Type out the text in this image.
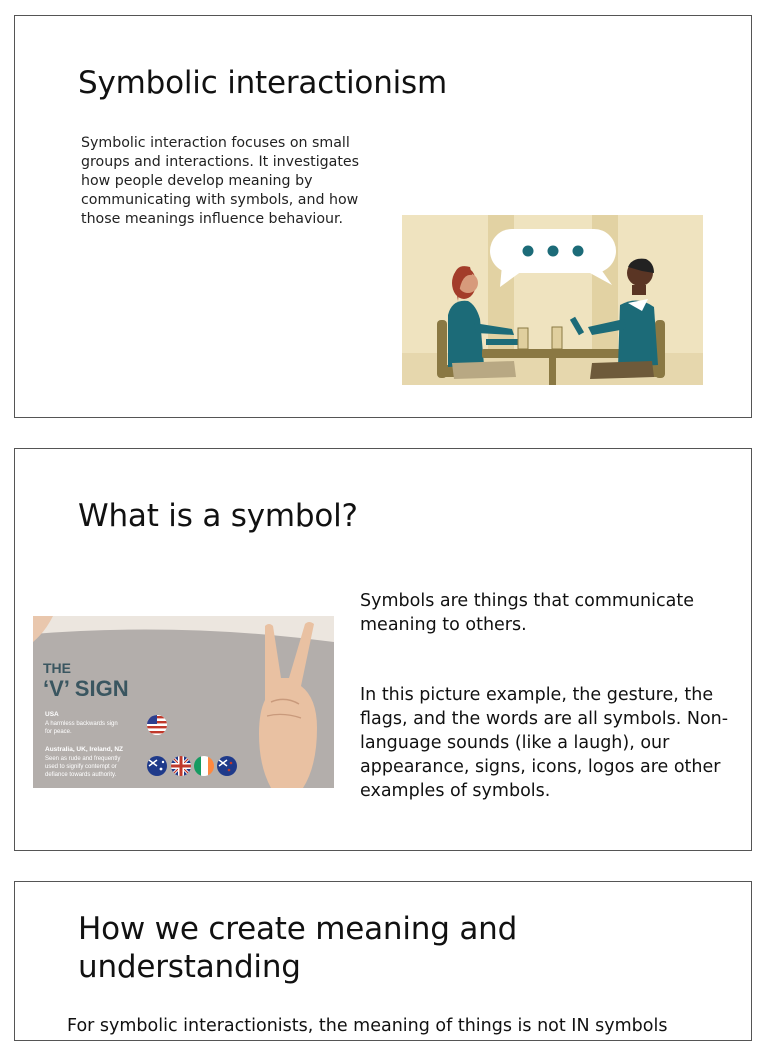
Symbolic interactionism
Symbolic interaction focuses on small groups and interactions. It investigates how people develop meaning by communicating with symbols, and how those meanings influence behaviour.
What is a symbol?
THE
‘V’ SIGN
USA
A harmless backwards sign
for peace.
Australia, UK, Ireland, NZ
Seen as rude and frequently
used to signify contempt or
defiance towards authority.
Symbols are things that communicate meaning to others.
In this picture example, the gesture, the flags, and the words are all symbols. Non-language sounds (like a laugh), our appearance, signs, icons, logos are other examples of symbols.
How we create meaning and understanding
For symbolic interactionists, the meaning of things is not IN symbols
